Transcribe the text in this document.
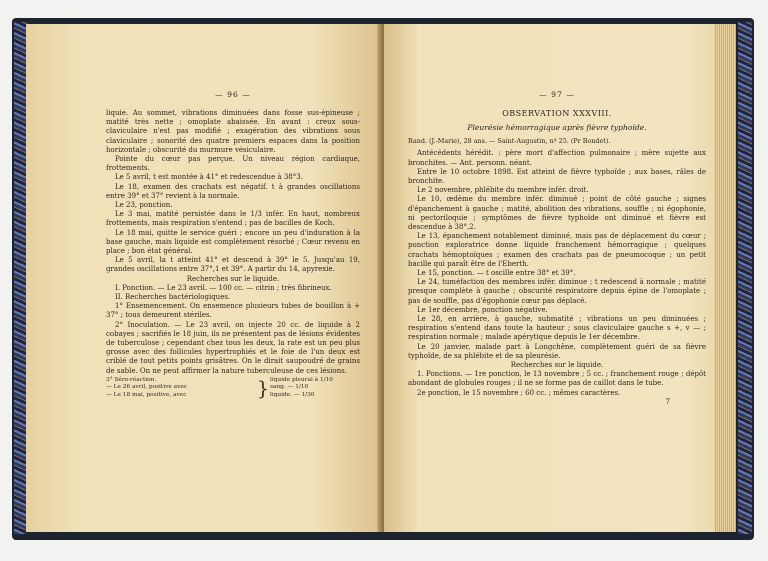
— 96 —

liquie. Au sommet, vibrations diminuées dans fosse sus-épineuse ; matité très nette ; omoplate abaissée. En avant : creux sous-claviculaire n'est pas modifié ; exagération des vibrations sous claviculaire ; sonorité des quatre premiers espaces dans la position horizontale ; obscurité du murmure vésiculaire.

Pointe du cœur pas perçue. Un niveau région cardiaque, frottements.

Le 5 avril, t est montée à 41° et redescendue à 38°3.

Le 18, examen des crachats est négatif. t à grandes oscillations entre 39° et 37° revient à la normale.

Le 23, ponction.

Le 3 mai, matité persistée dans le 1/3 infér. En haut, nombreux frottements, mais respiration s'entend ; pas de bacilles de Koch.

Le 18 mai, quitte le service guéri ; encore un peu d'induration à la base gauche, mais liquide est complètement résorbé ; Cœur revenu en place ; bon état général.

Le 5 avril, la t atteint 41° et descend à 39° le 5. Jusqu'au 19, grandes oscillations entre 37°,1 et 39°. A partir du 14, apyrexie.

Recherches sur le liquide.

I. Ponction. — Le 23 avril. — 100 cc. — citrin ; très fibrineux.

II. Recherches bactériologiques.

1° Ensemencement. On ensemence plusieurs tubes de bouillon à + 37° ; tous demeurent stériles.

2° Inoculation. — Le 23 avril, on injecte 20 cc. de liquide à 2 cobayes ; sacrifiés le 18 juin, ils ne présentent pas de lésions évidentes de tuberculose ; cependant chez tous les deux, la rate est un peu plus grosse avec des follicules hypertrophiés et le foie de l'un deux est criblé de tout petits points grisâtres. On le dirait saupoudré de grains de sable. On ne peut affirmer la nature tuberculeuse de ces lésions.

3° Séro-réaction.
— Le 26 avril, positive avec
— Le 18 mai, positive, avec	} liquide pleural à 1/10
sang. — 1/10
liquide. — 1/30
— 97 —
OBSERVATION XXXVIII.
Pleurésie hémorragique après fièvre typhoïde.
Rand. (J.-Marie), 28 ans. — Saint-Augustin, nº 25. (Pr Bondet).

Antécédents hérédit. : père mort d'affection pulmonaire ; mère sujette aux bronchites. — Ant. personn. néant.

Entre le 10 octobre 1898. Est atteint de fièvre typhoïde ; aux bases, râles de bronchite.

Le 2 novembre, phlébite du membre infér. droit.

Le 10, œdème du membre infér. diminué ; point de côté gauche ; signes d'épanchement à gauche ; matité, abolition des vibrations, souffle ; ni égophonie, ni pectoriloquie ; symptômes de fièvre typhoïde ont diminué et fièvre est descendue à 38°,2.

Le 13, épanchement notablement diminué, mais pas de déplacement du cœur ; ponction exploratrice donne liquide franchement hémorragique ; quelques crachats hémoptoïques ; examen des crachats pas de pneumocoque ; un petit bacille qui paraît être de l'Eberth.

Le 15, ponction. — t oscille entre 38° et 39°.

Le 24, tuméfaction des membres infér. diminue ; t redescend à normale ; matité presque complète à gauche ; obscurité respiratoire depuis épine de l'omoplate ; pas de souffle, pas d'égophonie cœur pas déplacé.

Le 1er décembre, ponction négative.

Le 28, en arrière, à gauche, submatité ; vibrations un peu diminuées ; respiration s'entend dans toute la hauteur ; sous claviculaire gauche s +, v — ; respiration normale ; malade apérytique depuis le 1er décembre.

Le 20 janvier, malade part à Longchêne, complètement guéri de sa fièvre typhoïde, de sa phlébite et de sa pleurésie.

Recherches sur le liquide.

1. Ponctions. — 1re ponction, le 13 novembre ; 5 cc. ; franchement rouge ; dépôt abondant de globules rouges ; il ne se forme pas de caillot dans le tube.

2e ponction, le 15 novembre ; 60 cc. ; mêmes caractères.

7
